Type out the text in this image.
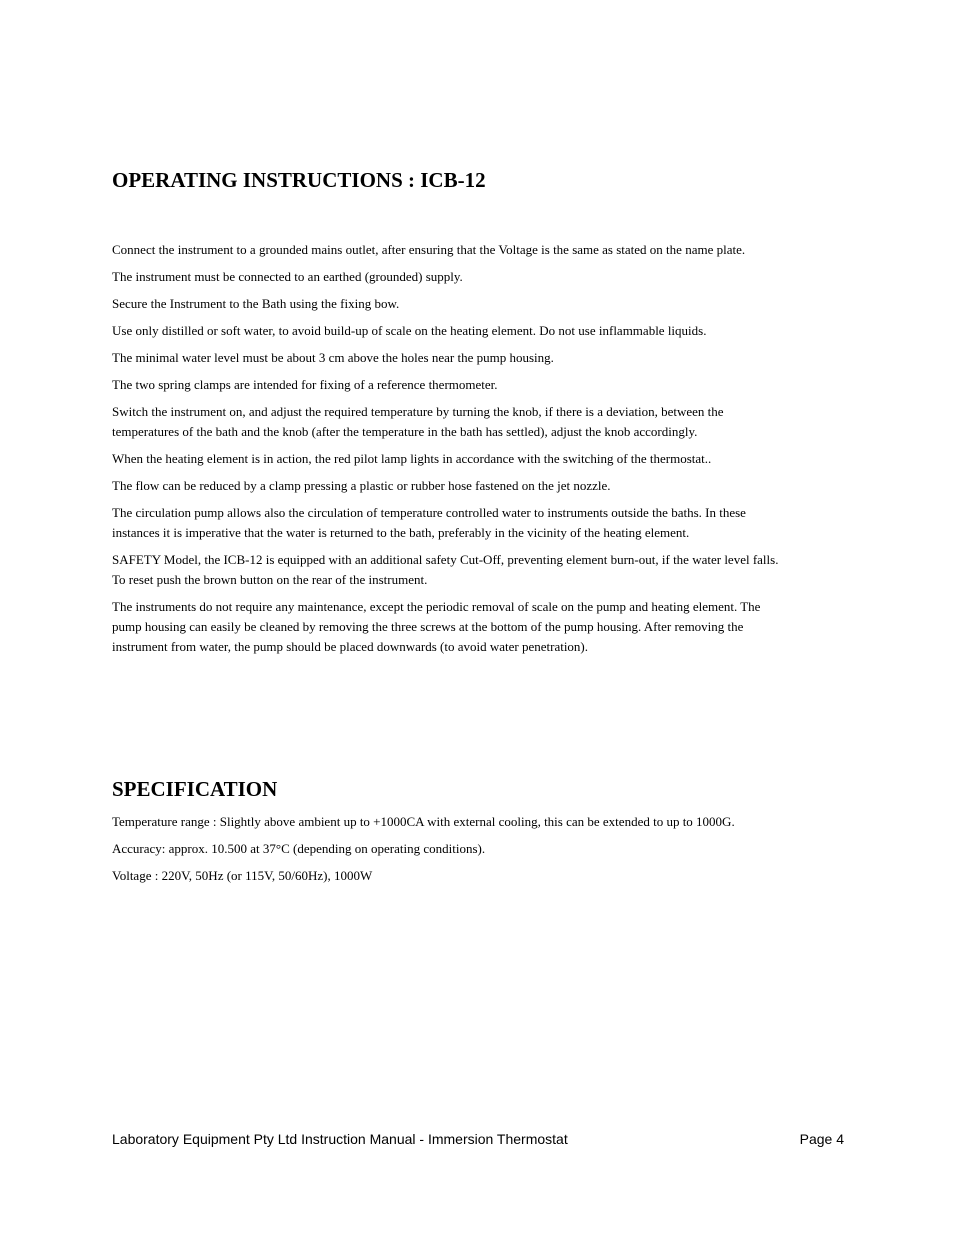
OPERATING INSTRUCTIONS : ICB-12

Connect the instrument to a grounded mains outlet, after ensuring that the Voltage is the same as stated on the name plate.

The instrument must be connected to an earthed (grounded) supply.

Secure the Instrument to the Bath using the fixing bow.

Use only distilled or soft water, to avoid build-up of scale on the heating element. Do not use inflammable liquids.

The minimal water level must be about 3 cm above the holes near the pump housing.

The two spring clamps are intended for fixing of a reference thermometer.

Switch the instrument on, and adjust the required temperature by turning the knob, if there is a deviation, between the
temperatures of the bath and the knob (after the temperature in the bath has settled), adjust the knob accordingly.

When the heating element is in action, the red pilot lamp lights in accordance with the switching of the thermostat..

The flow can be reduced by a clamp pressing a plastic or rubber hose fastened on the jet nozzle.

The circulation pump allows also the circulation of temperature controlled water to instruments outside the baths. In these
instances it is imperative that the water is returned to the bath, preferably in the vicinity of the heating element.

SAFETY Model, the ICB-12 is equipped with an additional safety Cut-Off, preventing element burn-out, if the water level falls.
To reset push the brown button on the rear of the instrument.

The instruments do not require any maintenance, except the periodic removal of scale on the pump and heating element. The
pump housing can easily be cleaned by removing the three screws at the bottom of the pump housing. After removing the
instrument from water, the pump should be placed downwards (to avoid water penetration).

SPECIFICATION

Temperature range : Slightly above ambient up to +1000CA with external cooling, this can be extended to up to 1000G.

Accuracy: approx. 10.500 at 37°C (depending on operating conditions).

Voltage : 220V, 50Hz (or 115V, 50/60Hz), 1000W

Laboratory Equipment Pty Ltd Instruction Manual - Immersion Thermostat	Page 4
